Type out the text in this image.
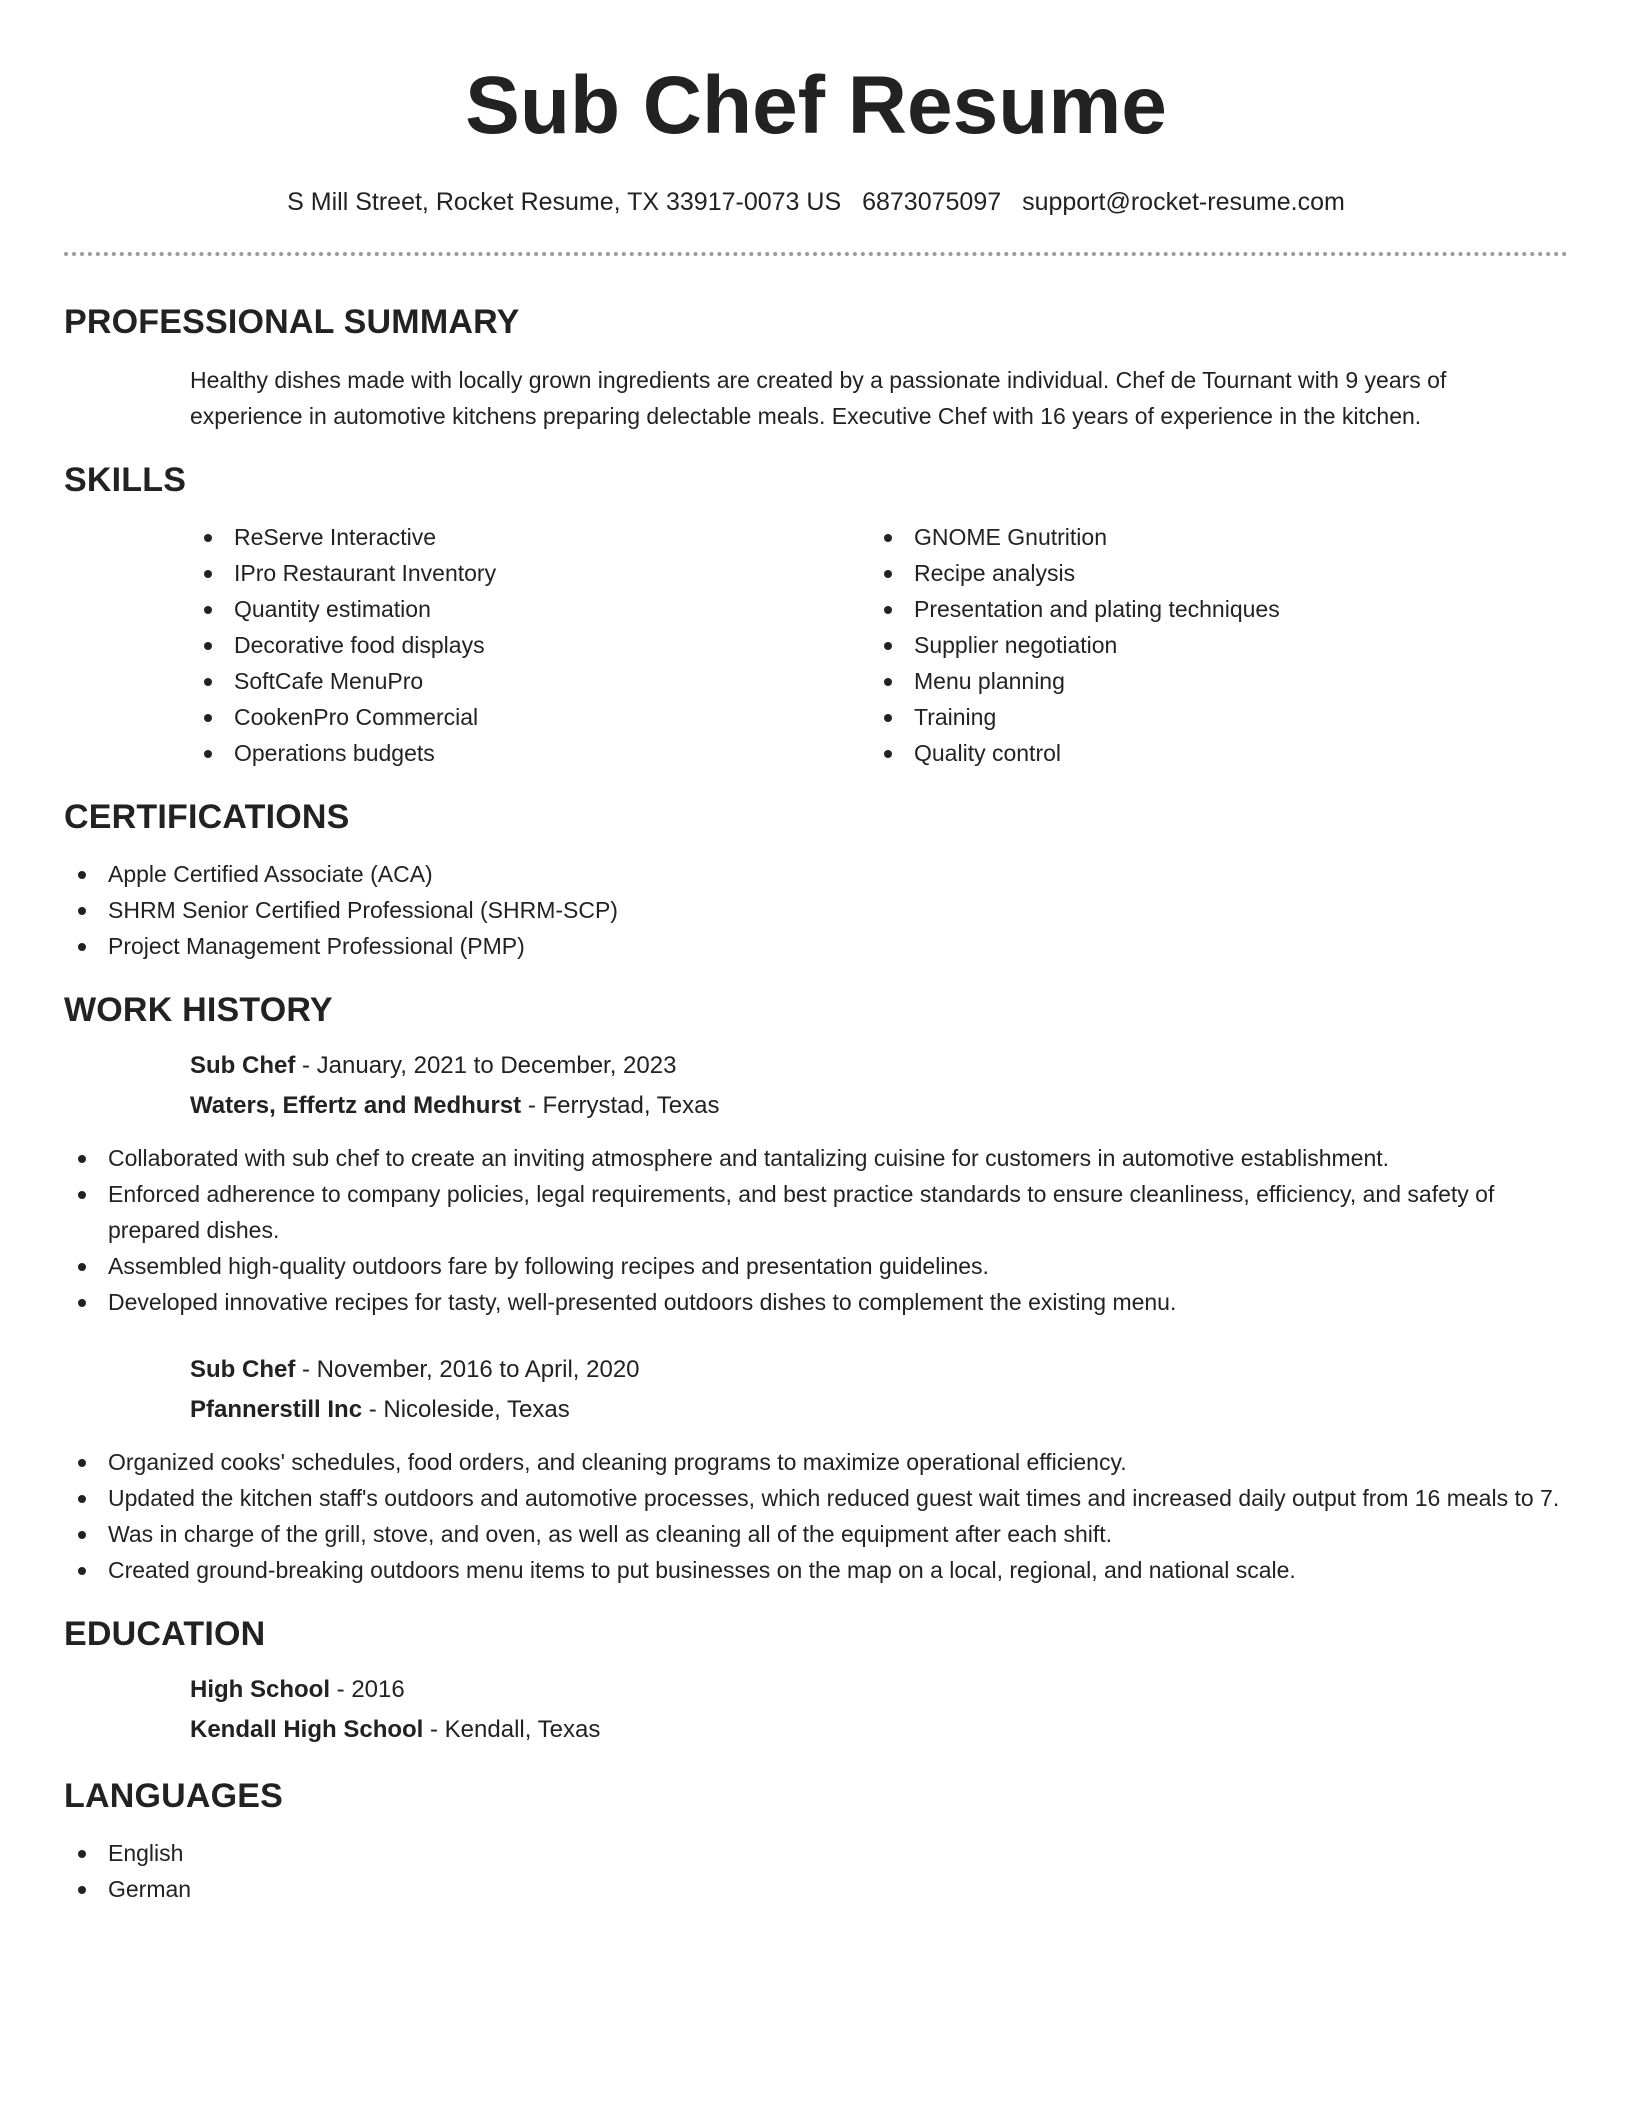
Sub Chef Resume
S Mill Street, Rocket Resume, TX 33917-0073 US 6873075097 support@rocket-resume.com
PROFESSIONAL SUMMARY
Healthy dishes made with locally grown ingredients are created by a passionate individual. Chef de Tournant with 9 years of experience in automotive kitchens preparing delectable meals. Executive Chef with 16 years of experience in the kitchen.
SKILLS
ReServe Interactive
IPro Restaurant Inventory
Quantity estimation
Decorative food displays
SoftCafe MenuPro
CookenPro Commercial
Operations budgets
GNOME Gnutrition
Recipe analysis
Presentation and plating techniques
Supplier negotiation
Menu planning
Training
Quality control
CERTIFICATIONS
Apple Certified Associate (ACA)
SHRM Senior Certified Professional (SHRM-SCP)
Project Management Professional (PMP)
WORK HISTORY
Sub Chef - January, 2021 to December, 2023
Waters, Effertz and Medhurst - Ferrystad, Texas
Collaborated with sub chef to create an inviting atmosphere and tantalizing cuisine for customers in automotive establishment.
Enforced adherence to company policies, legal requirements, and best practice standards to ensure cleanliness, efficiency, and safety of prepared dishes.
Assembled high-quality outdoors fare by following recipes and presentation guidelines.
Developed innovative recipes for tasty, well-presented outdoors dishes to complement the existing menu.
Sub Chef - November, 2016 to April, 2020
Pfannerstill Inc - Nicoleside, Texas
Organized cooks' schedules, food orders, and cleaning programs to maximize operational efficiency.
Updated the kitchen staff's outdoors and automotive processes, which reduced guest wait times and increased daily output from 16 meals to 7.
Was in charge of the grill, stove, and oven, as well as cleaning all of the equipment after each shift.
Created ground-breaking outdoors menu items to put businesses on the map on a local, regional, and national scale.
EDUCATION
High School - 2016
Kendall High School - Kendall, Texas
LANGUAGES
English
German
